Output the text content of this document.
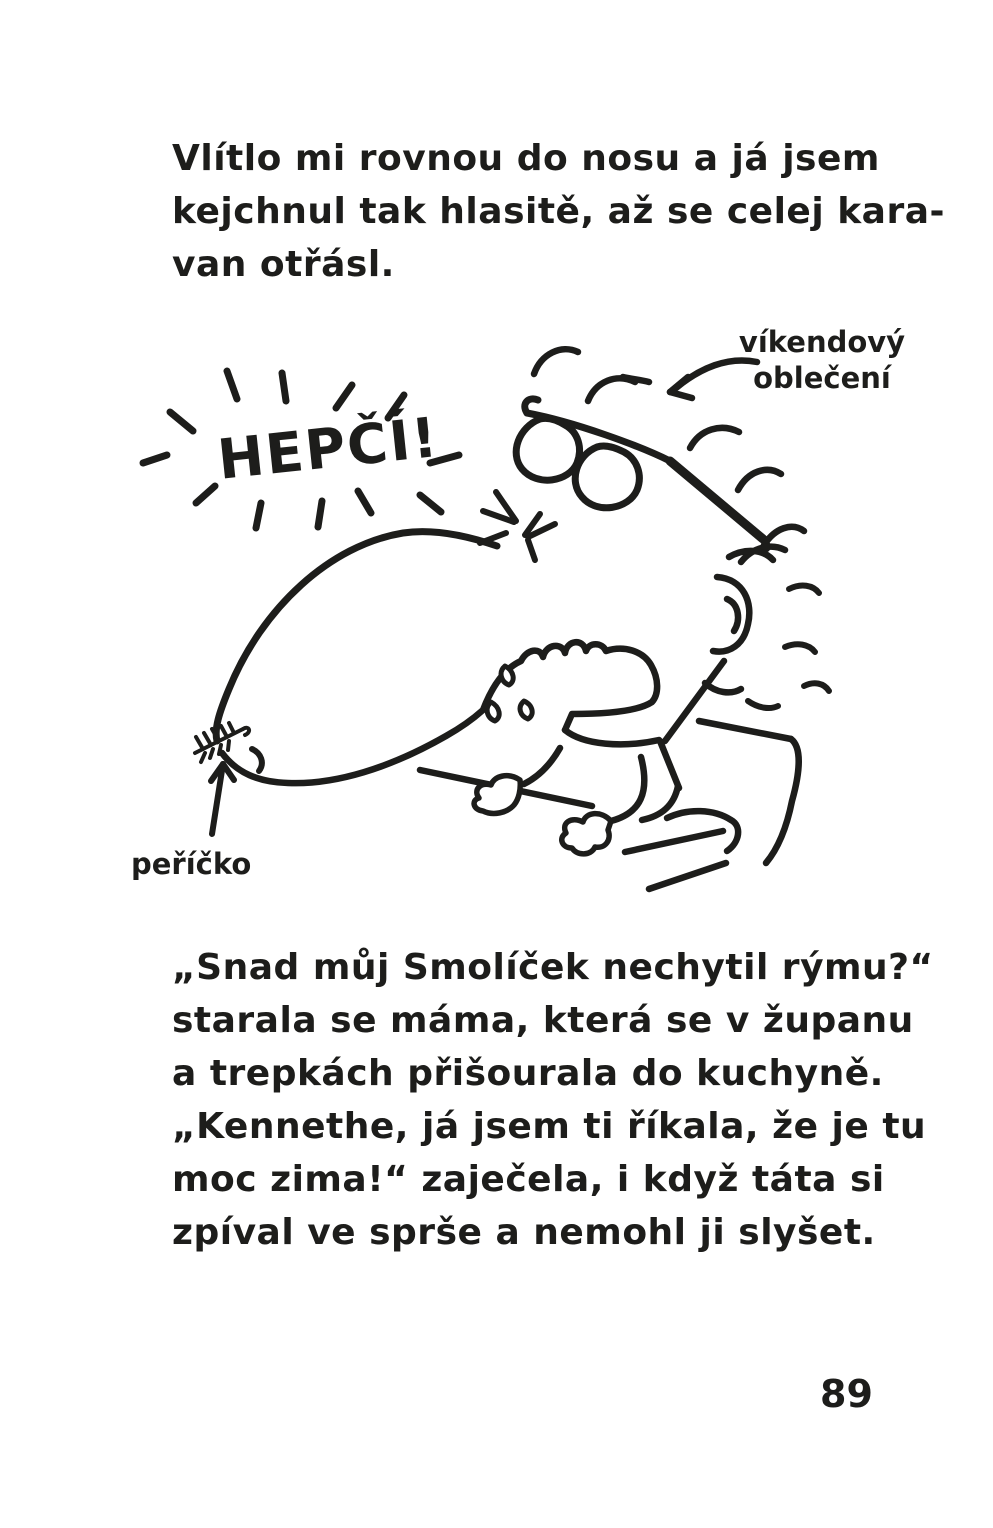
Vlítlo mi rovnou do nosu a já jsem
kejchnul tak hlasitě, až se celej kara-
van otřásl.
víkendový
oblečení
HEPČÍ!
peříčko
„Snad můj Smolíček nechytil rýmu?“
starala se máma, která se v županu
a trepkách přišourala do kuchyně.
„Kennethe, já jsem ti říkala, že je tu
moc zima!“ zaječela, i když táta si
zpíval ve sprše a nemohl ji slyšet.
89
